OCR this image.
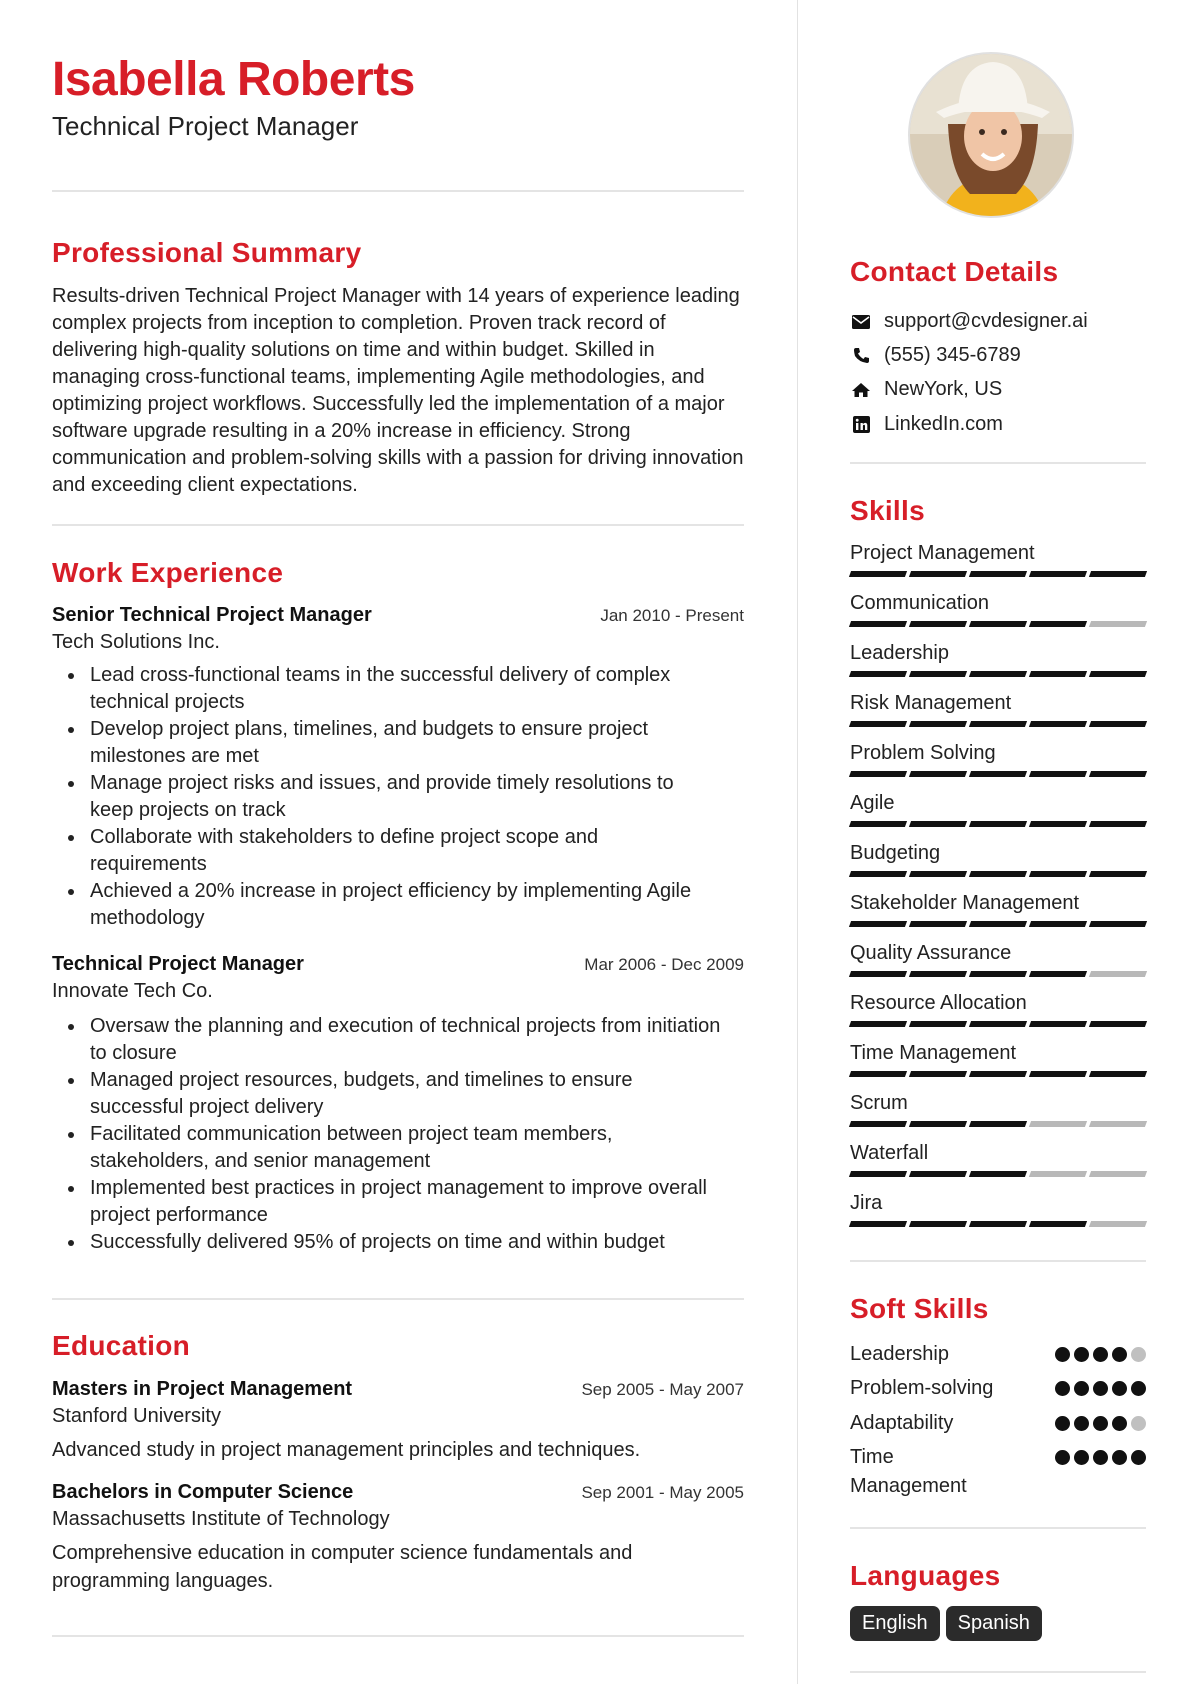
Isabella Roberts
Technical Project Manager
Professional Summary
Results-driven Technical Project Manager with 14 years of experience leading complex projects from inception to completion. Proven track record of delivering high-quality solutions on time and within budget. Skilled in managing cross-functional teams, implementing Agile methodologies, and optimizing project workflows. Successfully led the implementation of a major software upgrade resulting in a 20% increase in efficiency. Strong communication and problem-solving skills with a passion for driving innovation and exceeding client expectations.
Work Experience
Senior Technical Project Manager	Jan 2010 - Present
Tech Solutions Inc.
Lead cross-functional teams in the successful delivery of complex technical projects
Develop project plans, timelines, and budgets to ensure project milestones are met
Manage project risks and issues, and provide timely resolutions to keep projects on track
Collaborate with stakeholders to define project scope and requirements
Achieved a 20% increase in project efficiency by implementing Agile methodology
Technical Project Manager	Mar 2006 - Dec 2009
Innovate Tech Co.
Oversaw the planning and execution of technical projects from initiation to closure
Managed project resources, budgets, and timelines to ensure successful project delivery
Facilitated communication between project team members, stakeholders, and senior management
Implemented best practices in project management to improve overall project performance
Successfully delivered 95% of projects on time and within budget
Education
Masters in Project Management	Sep 2005 - May 2007
Stanford University
Advanced study in project management principles and techniques.
Bachelors in Computer Science	Sep 2001 - May 2005
Massachusetts Institute of Technology
Comprehensive education in computer science fundamentals and programming languages.
Contact Details
support@cvdesigner.ai
(555) 345-6789
NewYork, US
LinkedIn.com
Skills
Project Management
Communication
Leadership
Risk Management
Problem Solving
Agile
Budgeting
Stakeholder Management
Quality Assurance
Resource Allocation
Time Management
Scrum
Waterfall
Jira
Soft Skills
Leadership
Problem-solving
Adaptability
Time Management
Languages
English	Spanish
